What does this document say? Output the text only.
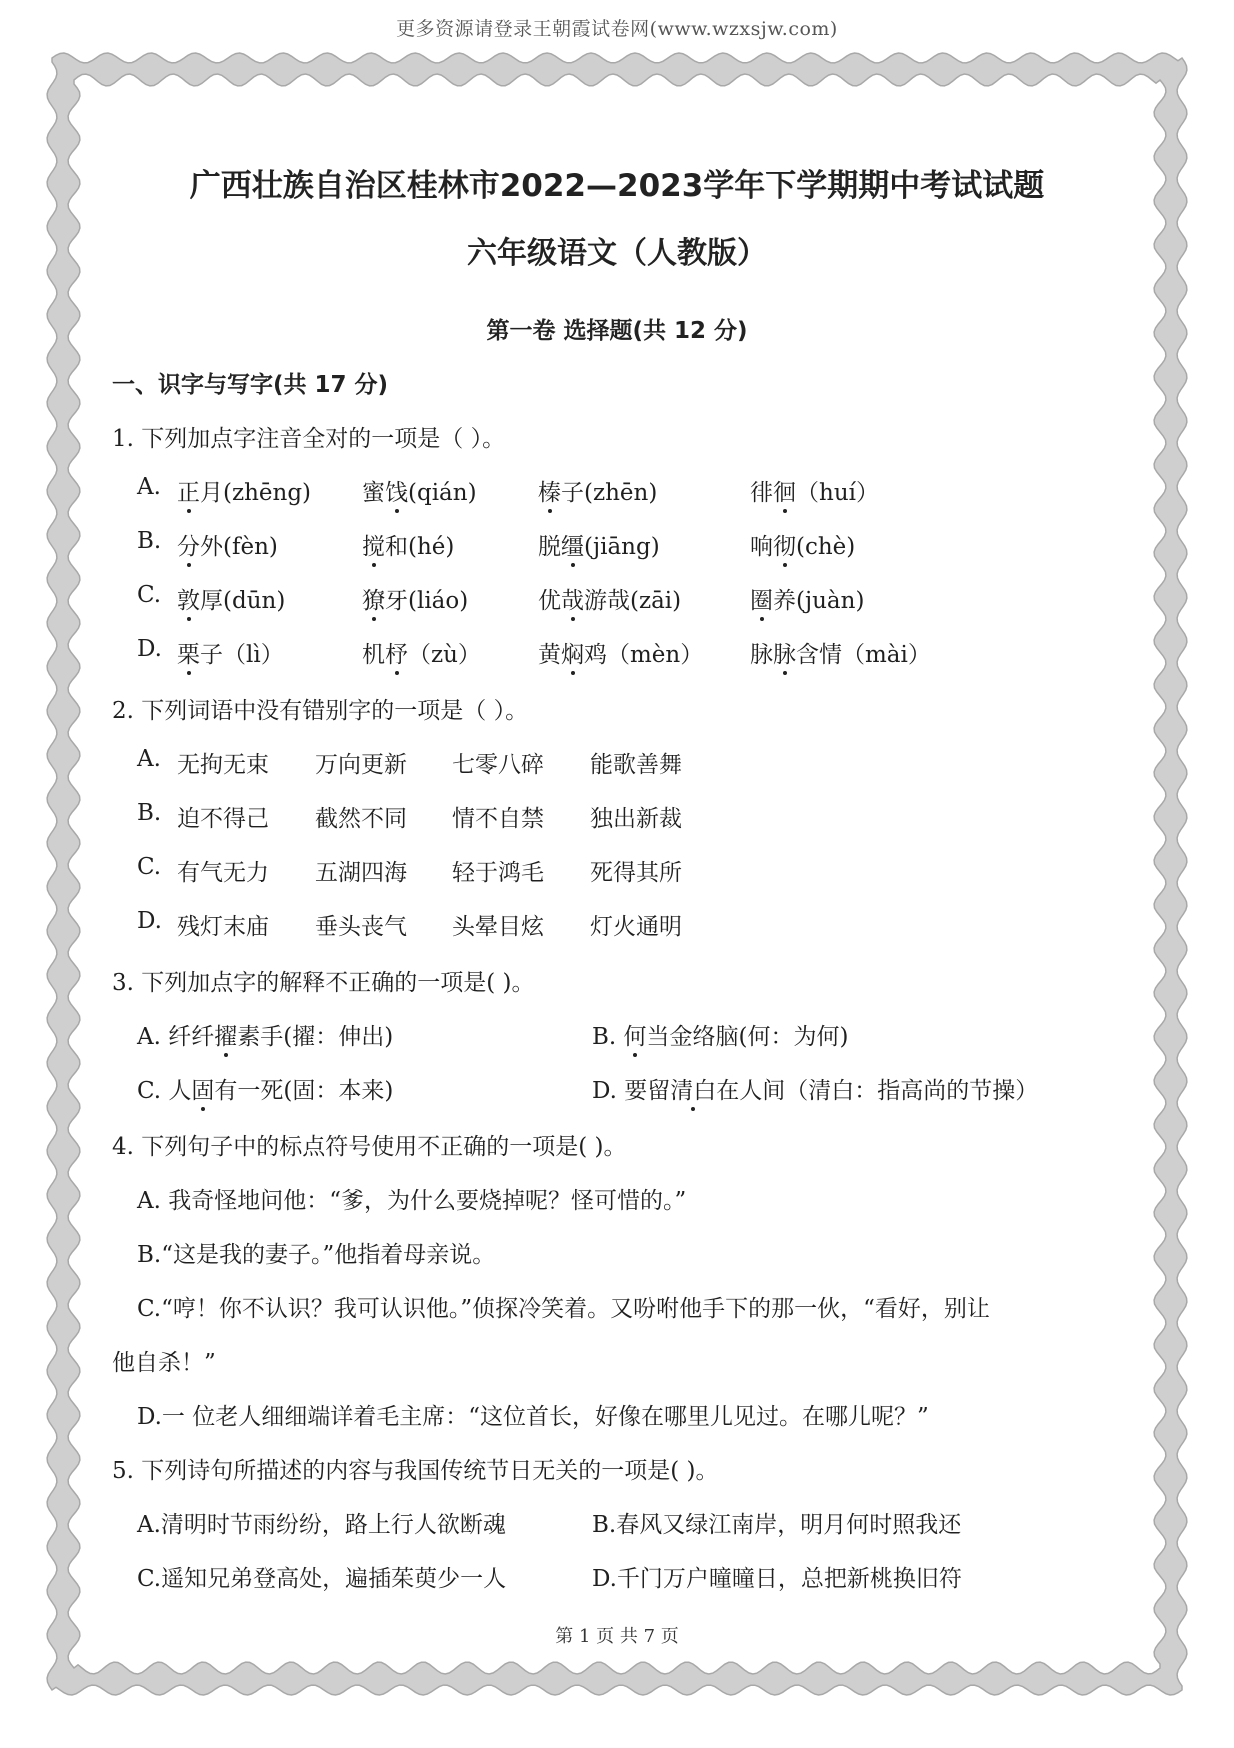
更多资源请登录王朝霞试卷网(www.wzxsjw.com)
广西壮族自治区桂林市2022—2023学年下学期期中考试试题
六年级语文（人教版）
第一卷 选择题(共 12 分)
一、识字与写字(共 17 分)
1. 下列加点字注音全对的一项是（ ）。
A. 正月(zhēng) 蜜饯(qián)	榛子(zhēn)	徘徊（huí）
B. 分外(fèn)	搅和(hé)	脱缰(jiāng)	响彻(chè)
C. 敦厚(dūn)	獠牙(liáo)	优哉游哉(zāi)	圈养(juàn)
D. 栗子（lì）	机杼（zù） 黄焖鸡（mèn） 脉脉含情（mài）
2. 下列词语中没有错别字的一项是（ ）。
A. 无拘无束 万向更新 七零八碎 能歌善舞
B. 迫不得己 截然不同 情不自禁 独出新裁
C. 有气无力 五湖四海 轻于鸿毛 死得其所
D. 残灯末庙 垂头丧气 头晕目炫 灯火通明
3. 下列加点字的解释不正确的一项是( )。
A. 纤纤擢素手(擢：伸出)	B. 何当金络脑(何：为何)
C. 人固有一死(固：本来)	D. 要留清白在人间（清白：指高尚的节操）
4. 下列句子中的标点符号使用不正确的一项是( )。
A. 我奇怪地问他：“爹，为什么要烧掉呢？怪可惜的。”
B.“这是我的妻子。”他指着母亲说。
C.“哼！你不认识？我可认识他。”侦探冷笑着。又吩咐他手下的那一伙，“看好，别让
他自杀！”
D.一 位老人细细端详着毛主席：“这位首长，好像在哪里儿见过。在哪儿呢？”
5. 下列诗句所描述的内容与我国传统节日无关的一项是( )。
A.清明时节雨纷纷，路上行人欲断魂	B.春风又绿江南岸，明月何时照我还
C.遥知兄弟登高处，遍插茱萸少一人	D.千门万户曈曈日，总把新桃换旧符
第 1 页 共 7 页
